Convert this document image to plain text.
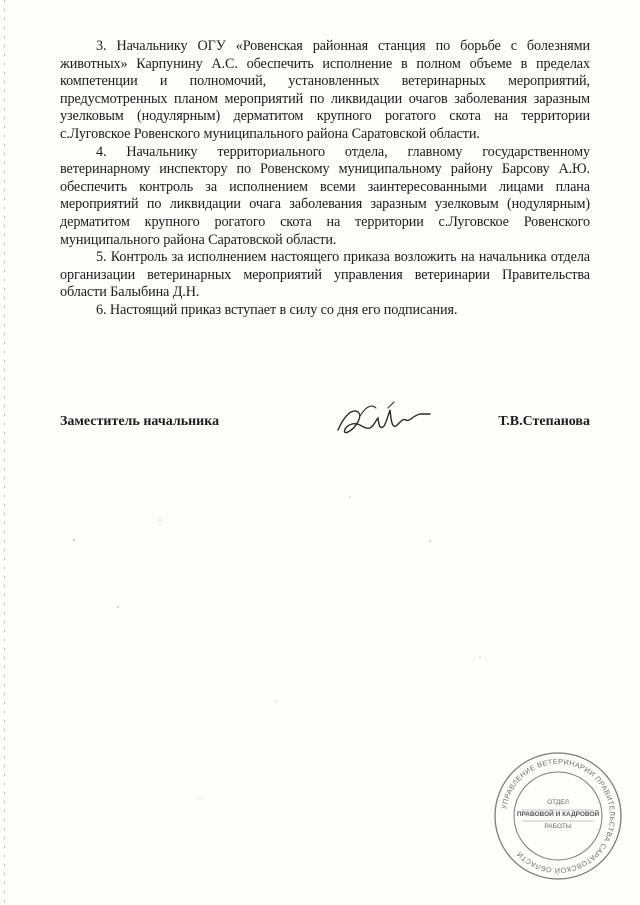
3. Начальнику ОГУ «Ровенская районная станция по борьбе с болезнями животных» Карпунину А.С. обеспечить исполнение в полном объеме в пределах компетенции и полномочий, установленных ветеринарных мероприятий, предусмотренных планом мероприятий по ликвидации очагов заболевания заразным узелковым (нодулярным) дерматитом крупного рогатого скота на территории с.Луговское Ровенского муниципального района Саратовской области.

4. Начальнику территориального отдела, главному государственному ветеринарному инспектору по Ровенскому муниципальному району Барсову А.Ю. обеспечить контроль за исполнением всеми заинтересованными лицами плана мероприятий по ликвидации очага заболевания заразным узелковым (нодулярным) дерматитом крупного рогатого скота на территории с.Луговское Ровенского муниципального района Саратовской области.

5. Контроль за исполнением настоящего приказа возложить на начальника отдела организации ветеринарных мероприятий управления ветеринарии Правительства области Балыбина Д.Н.

6. Настоящий приказ вступает в силу со дня его подписания.

Заместитель начальника	Т.В.Степанова
УПРАВЛЕНИЕ ВЕТЕРИНАРИИ ПРАВИТЕЛЬСТВА САРАТОВСКОЙ ОБЛАСТИ
ОТДЕЛ
ПРАВОВОЙ И КАДРОВОЙ
РАБОТЫ
